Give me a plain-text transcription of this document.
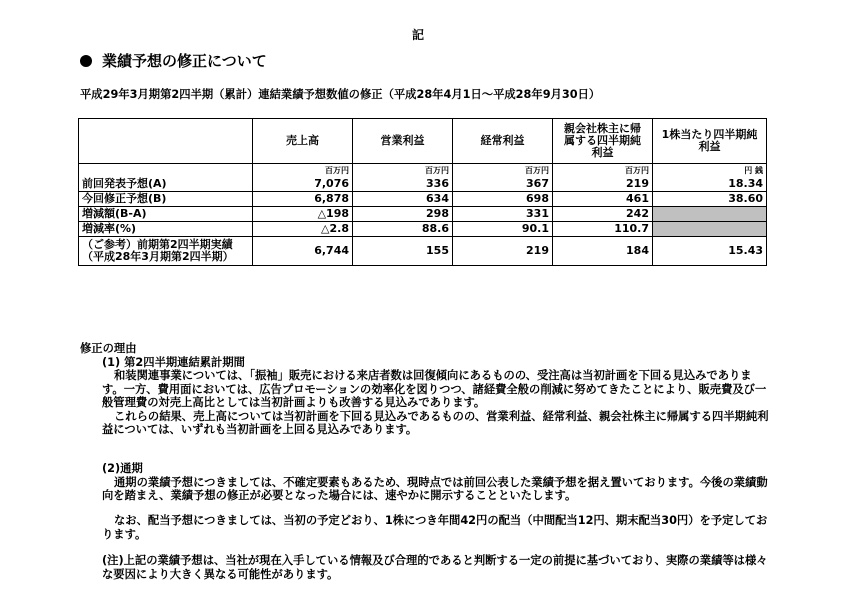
記
業績予想の修正について
平成29年3月期第2四半期（累計）連結業績予想数値の修正（平成28年4月1日～平成28年9月30日）
	売上高	営業利益	経常利益	親会社株主に帰属する四半期純利益	1株当たり四半期純利益
	百万円	百万円	百万円	百万円	円 銭
前回発表予想(A)	7,076	336	367	219	18.34
今回修正予想(B)	6,878	634	698	461	38.60
増減額(B-A)	△198	298	331	242	
増減率(%)	△2.8	88.6	90.1	110.7	

（ご参考）前期第2四半期実績
（平成28年3月期第2四半期）	6,744	155	219	184	15.43

修正の理由

(1) 第2四半期連結累計期間

和装関連事業については、「振袖」販売における来店者数は回復傾向にあるものの、受注高は当初計画を下回る見込みであります。一方、費用面においては、広告プロモーションの効率化を図りつつ、諸経費全般の削減に努めてきたことにより、販売費及び一般管理費の対売上高比としては当初計画よりも改善する見込みであります。

これらの結果、売上高については当初計画を下回る見込みであるものの、営業利益、経常利益、親会社株主に帰属する四半期純利益については、いずれも当初計画を上回る見込みであります。

(2)通期

通期の業績予想につきましては、不確定要素もあるため、現時点では前回公表した業績予想を据え置いております。今後の業績動向を踏まえ、業績予想の修正が必要となった場合には、速やかに開示することといたします。

なお、配当予想につきましては、当初の予定どおり、1株につき年間42円の配当（中間配当12円、期末配当30円）を予定しております。

(注)上記の業績予想は、当社が現在入手している情報及び合理的であると判断する一定の前提に基づいており、実際の業績等は様々な要因により大きく異なる可能性があります。
